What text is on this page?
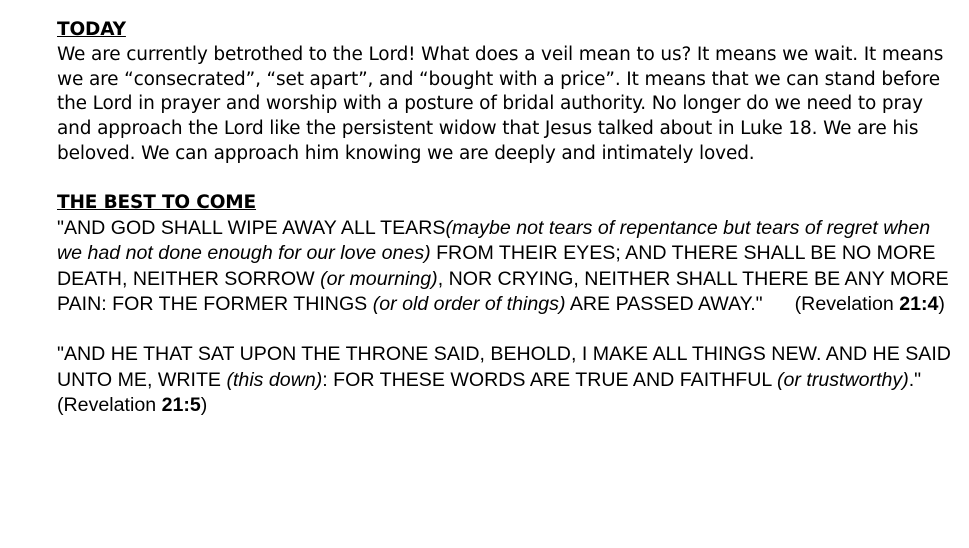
TODAY

We are currently betrothed to the Lord! What does a veil mean to us? It means we wait. It means we are “consecrated”, “set apart”, and “bought with a price”. It means that we can stand before the Lord in prayer and worship with a posture of bridal authority. No longer do we need to pray and approach the Lord like the persistent widow that Jesus talked about in Luke 18. We are his beloved. We can approach him knowing we are deeply and intimately loved.

THE BEST TO COME

"AND GOD SHALL WIPE AWAY ALL TEARS(maybe not tears of repentance but tears of regret when we had not done enough for our love ones) FROM THEIR EYES; AND THERE SHALL BE NO MORE DEATH, NEITHER SORROW (or mourning), NOR CRYING, NEITHER SHALL THERE BE ANY MORE PAIN: FOR THE FORMER THINGS (or old order of things) ARE PASSED AWAY." (Revelation 21:4)

"AND HE THAT SAT UPON THE THRONE SAID, BEHOLD, I MAKE ALL THINGS NEW. AND HE SAID UNTO ME, WRITE (this down): FOR THESE WORDS ARE TRUE AND FAITHFUL (or trustworthy)."
(Revelation 21:5)
